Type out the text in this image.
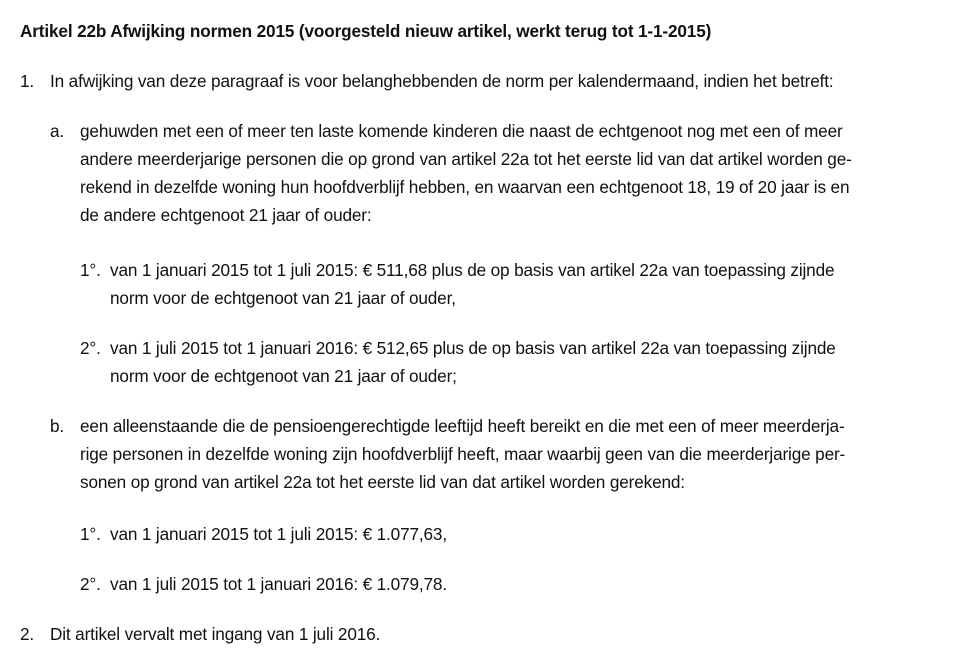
Artikel 22b Afwijking normen 2015 (voorgesteld nieuw artikel, werkt terug tot 1-1-2015)
1. In afwijking van deze paragraaf is voor belanghebbenden de norm per kalendermaand, indien het betreft:
a. gehuwden met een of meer ten laste komende kinderen die naast de echtgenoot nog met een of meer
andere meerderjarige personen die op grond van artikel 22a tot het eerste lid van dat artikel worden ge-
rekend in dezelfde woning hun hoofdverblijf hebben, en waarvan een echtgenoot 18, 19 of 20 jaar is en
de andere echtgenoot 21 jaar of ouder:
1°. van 1 januari 2015 tot 1 juli 2015: € 511,68 plus de op basis van artikel 22a van toepassing zijnde
norm voor de echtgenoot van 21 jaar of ouder,
2°. van 1 juli 2015 tot 1 januari 2016: € 512,65 plus de op basis van artikel 22a van toepassing zijnde
norm voor de echtgenoot van 21 jaar of ouder;
b. een alleenstaande die de pensioengerechtigde leeftijd heeft bereikt en die met een of meer meerderja-
rige personen in dezelfde woning zijn hoofdverblijf heeft, maar waarbij geen van die meerderjarige per-
sonen op grond van artikel 22a tot het eerste lid van dat artikel worden gerekend:
1°. van 1 januari 2015 tot 1 juli 2015: € 1.077,63,
2°. van 1 juli 2015 tot 1 januari 2016: € 1.079,78.
2. Dit artikel vervalt met ingang van 1 juli 2016.
